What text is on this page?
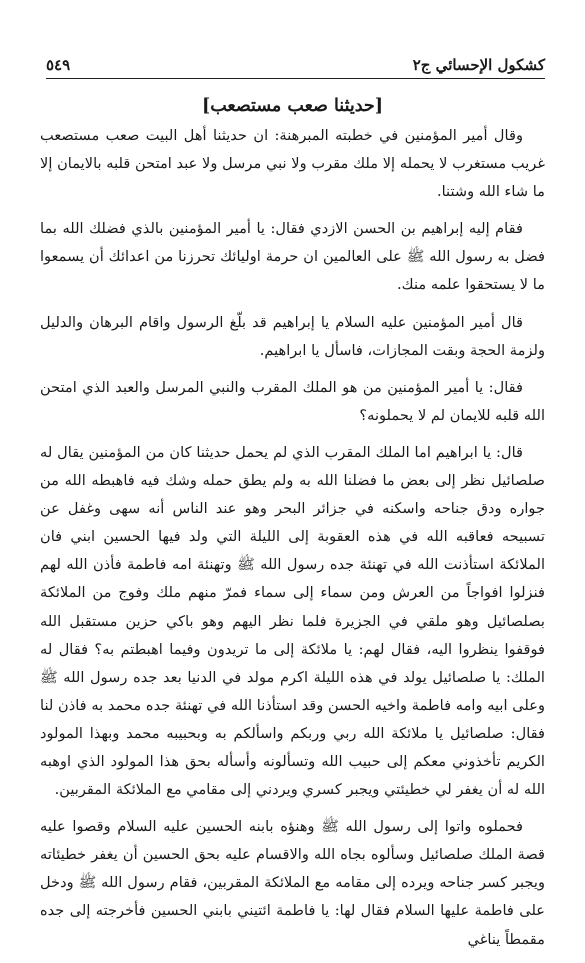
كشكول الإحسائي ج٢
٥٤٩
[حديثنا صعب مستصعب]

وقال أمير المؤمنين في خطبته المبرهنة: ان حديثنا أهل البيت صعب مستصعب غريب مستغرب لا يحمله إلا ملك مقرب ولا نبي مرسل ولا عبد امتحن قلبه بالايمان إلا ما شاء الله وشتنا.

فقام إليه إبراهيم بن الحسن الازدي فقال: يا أمير المؤمنين بالذي فضلك الله بما فضل به رسول الله ﷺ على العالمين ان حرمة اوليائك تحرزنا من اعدائك أن يسمعوا ما لا يستحقوا علمه منك.

قال أمير المؤمنين عليه السلام يا إبراهيم قد بلّغ الرسول واقام البرهان والدليل ولزمة الحجة وبقت المجازات، فاسأل يا ابراهيم.

فقال: يا أمير المؤمنين من هو الملك المقرب والنبي المرسل والعبد الذي امتحن الله قلبه للايمان لم لا يحملونه؟

قال: يا ابراهيم اما الملك المقرب الذي لم يحمل حديثنا كان من المؤمنين يقال له صلصائيل نظر إلى بعض ما فضلنا الله به ولم يطق حمله وشك فيه فاهبطه الله من جواره ودق جناحه واسكنه في جزائر البحر وهو عند الناس أنه سهى وغفل عن تسبيحه فعاقبه الله في هذه العقوبة إلى الليلة التي ولد فيها الحسين ابني فان الملائكة استأذنت الله في تهنئة جده رسول الله ﷺ وتهنئة امه فاطمة فأذن الله لهم فنزلوا افواجاً من العرش ومن سماء إلى سماء فمرّ منهم ملك وفوج من الملائكة بصلصائيل وهو ملقي في الجزيرة فلما نظر اليهم وهو باكي حزين مستقبل الله فوقفوا ينظروا اليه، فقال لهم: يا ملائكة إلى ما تريدون وفيما اهبطتم به؟ فقال له الملك: يا صلصائيل يولد في هذه الليلة اكرم مولد في الدنيا بعد جده رسول الله ﷺ وعلى ابيه وامه فاطمة واخيه الحسن وقد استأذنا الله في تهنئة جده محمد به فاذن لنا فقال: صلصائيل يا ملائكة الله ربي وربكم واسألكم به وبحبيبه محمد وبهذا المولود الكريم تأخذوني معكم إلى حبيب الله وتسألونه وأسأله بحق هذا المولود الذي اوهبه الله له أن يغفر لي خطيئتي ويجبر كسري ويردني إلى مقامي مع الملائكة المقربين.

فحملوه واتوا إلى رسول الله ﷺ وهنؤه بابنه الحسين عليه السلام وقصوا عليه قصة الملك صلصائيل وسألوه بجاه الله والاقسام عليه بحق الحسين أن يغفر خطيئاته ويجبر كسر جناحه ويرده إلى مقامه مع الملائكة المقربين، فقام رسول الله ﷺ ودخل على فاطمة عليها السلام فقال لها: يا فاطمة ائتيني بابني الحسين فأخرجته إلى جده مقمطاً يناغي
